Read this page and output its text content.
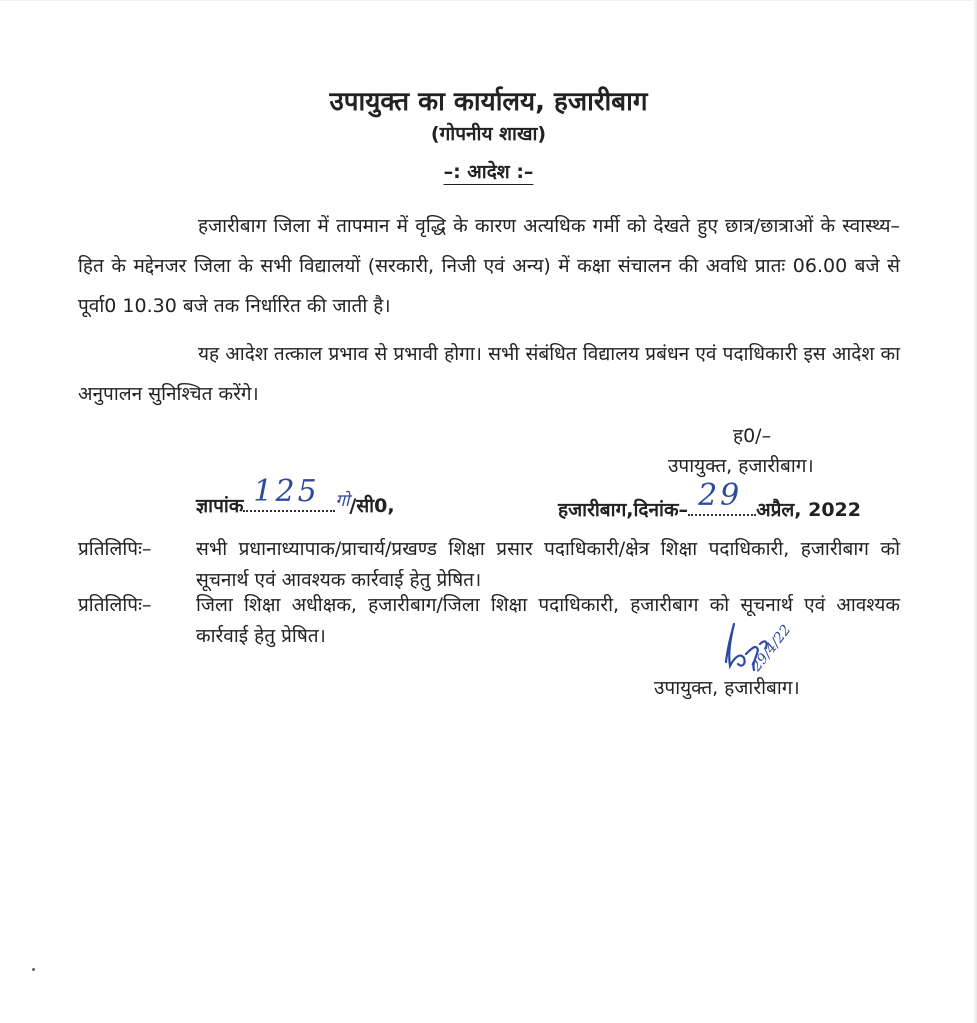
उपायुक्त का कार्यालय, हजारीबाग
(गोपनीय शाखा)
–: आदेश :–

हजारीबाग जिला में तापमान में वृद्धि के कारण अत्यधिक गर्मी को देखते हुए छात्र/छात्राओं के स्वास्थ्य–हित के मद्देनजर जिला के सभी विद्यालयों (सरकारी, निजी एवं अन्य) में कक्षा संचालन की अवधि प्रातः 06.00 बजे से पूर्वा0 10.30 बजे तक निर्धारित की जाती है।

यह आदेश तत्काल प्रभाव से प्रभावी होगा। सभी संबंधित विद्यालय प्रबंधन एवं पदाधिकारी इस आदेश का अनुपालन सुनिश्चित करेंगे।

ह0/–
उपायुक्त, हजारीबाग।
ज्ञापांक 125 गो/सी0,	हजारीबाग,दिनांक– 29 अप्रैल, 2022
प्रतिलिपिः– सभी प्रधानाध्यापाक/प्राचार्य/प्रखण्ड शिक्षा प्रसार पदाधिकारी/क्षेत्र शिक्षा पदाधिकारी, हजारीबाग को सूचनार्थ एवं आवश्यक कार्रवाई हेतु प्रेषित।

प्रतिलिपिः– जिला शिक्षा अधीक्षक, हजारीबाग/जिला शिक्षा पदाधिकारी, हजारीबाग को सूचनार्थ एवं आवश्यक कार्रवाई हेतु प्रेषित।	29/4/22
उपायुक्त, हजारीबाग।
